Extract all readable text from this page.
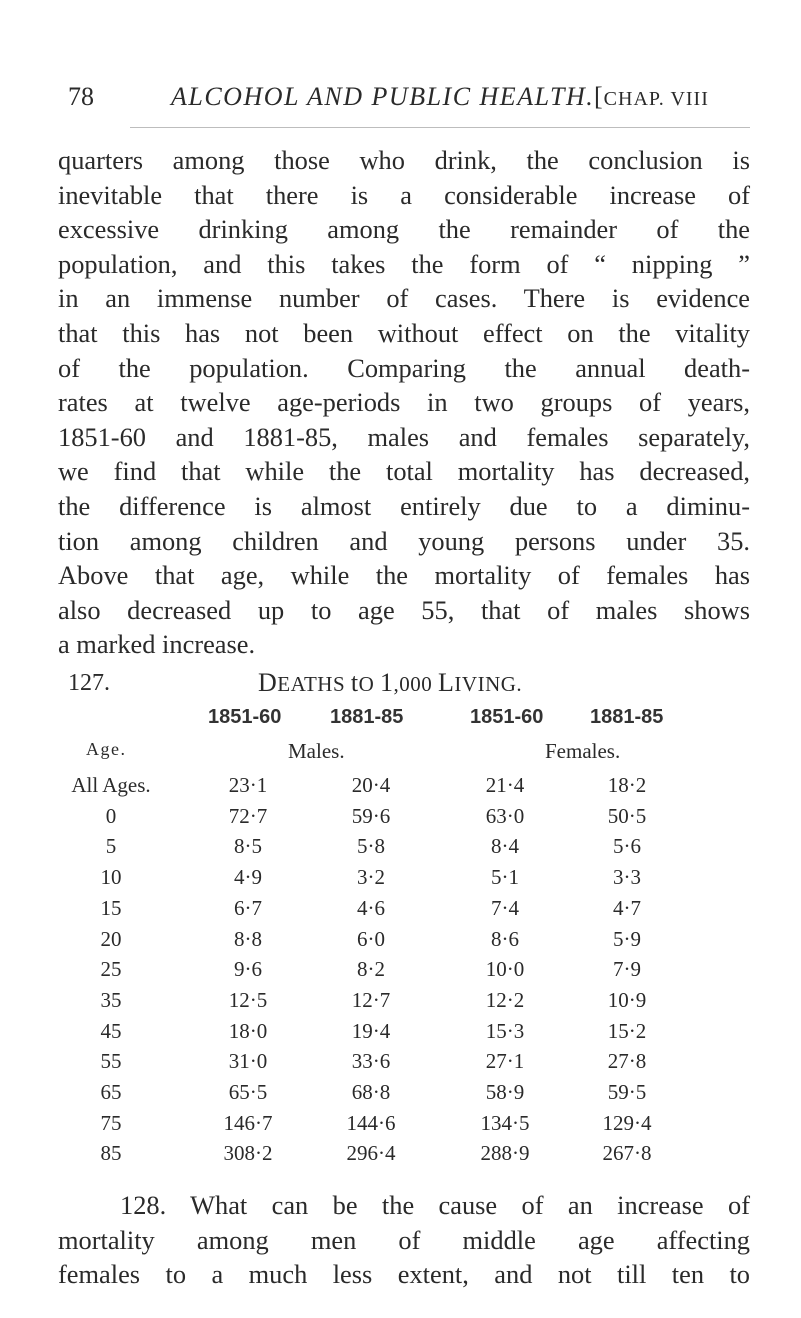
78	ALCOHOL AND PUBLIC HEALTH. [CHAP. VIII
quarters among those who drink, the conclusion is
inevitable that there is a considerable increase of
excessive drinking among the remainder of the
population, and this takes the form of “ nipping ”
in an immense number of cases. There is evidence
that this has not been without effect on the vitality
of the population. Comparing the annual death-
rates at twelve age-periods in two groups of years,
1851-60 and 1881-85, males and females separately,
we find that while the total mortality has decreased,
the difference is almost entirely due to a diminu-
tion among children and young persons under 35.
Above that age, while the mortality of females has
also decreased up to age 55, that of males shows
a marked increase.
127.	DEATHS tO 1,000 LIVING.
1851-60 1881-85	1851-60 1881-85
Age.	Males.	Females.
All Ages.	23·1	20·4	21·4	18·2
0	72·7	59·6	63·0	50·5
5	8·5	5·8	8·4	5·6
10	4·9	3·2	5·1	3·3
15	6·7	4·6	7·4	4·7
20	8·8	6·0	8·6	5·9
25	9·6	8·2	10·0	7·9
35	12·5	12·7	12·2	10·9
45	18·0	19·4	15·3	15·2
55	31·0	33·6	27·1	27·8
65	65·5	68·8	58·9	59·5
75	146·7	144·6	134·5	129·4
85	308·2	296·4	288·9	267·8
128. What can be the cause of an increase of
mortality among men of middle age affecting
females to a much less extent, and not till ten to
